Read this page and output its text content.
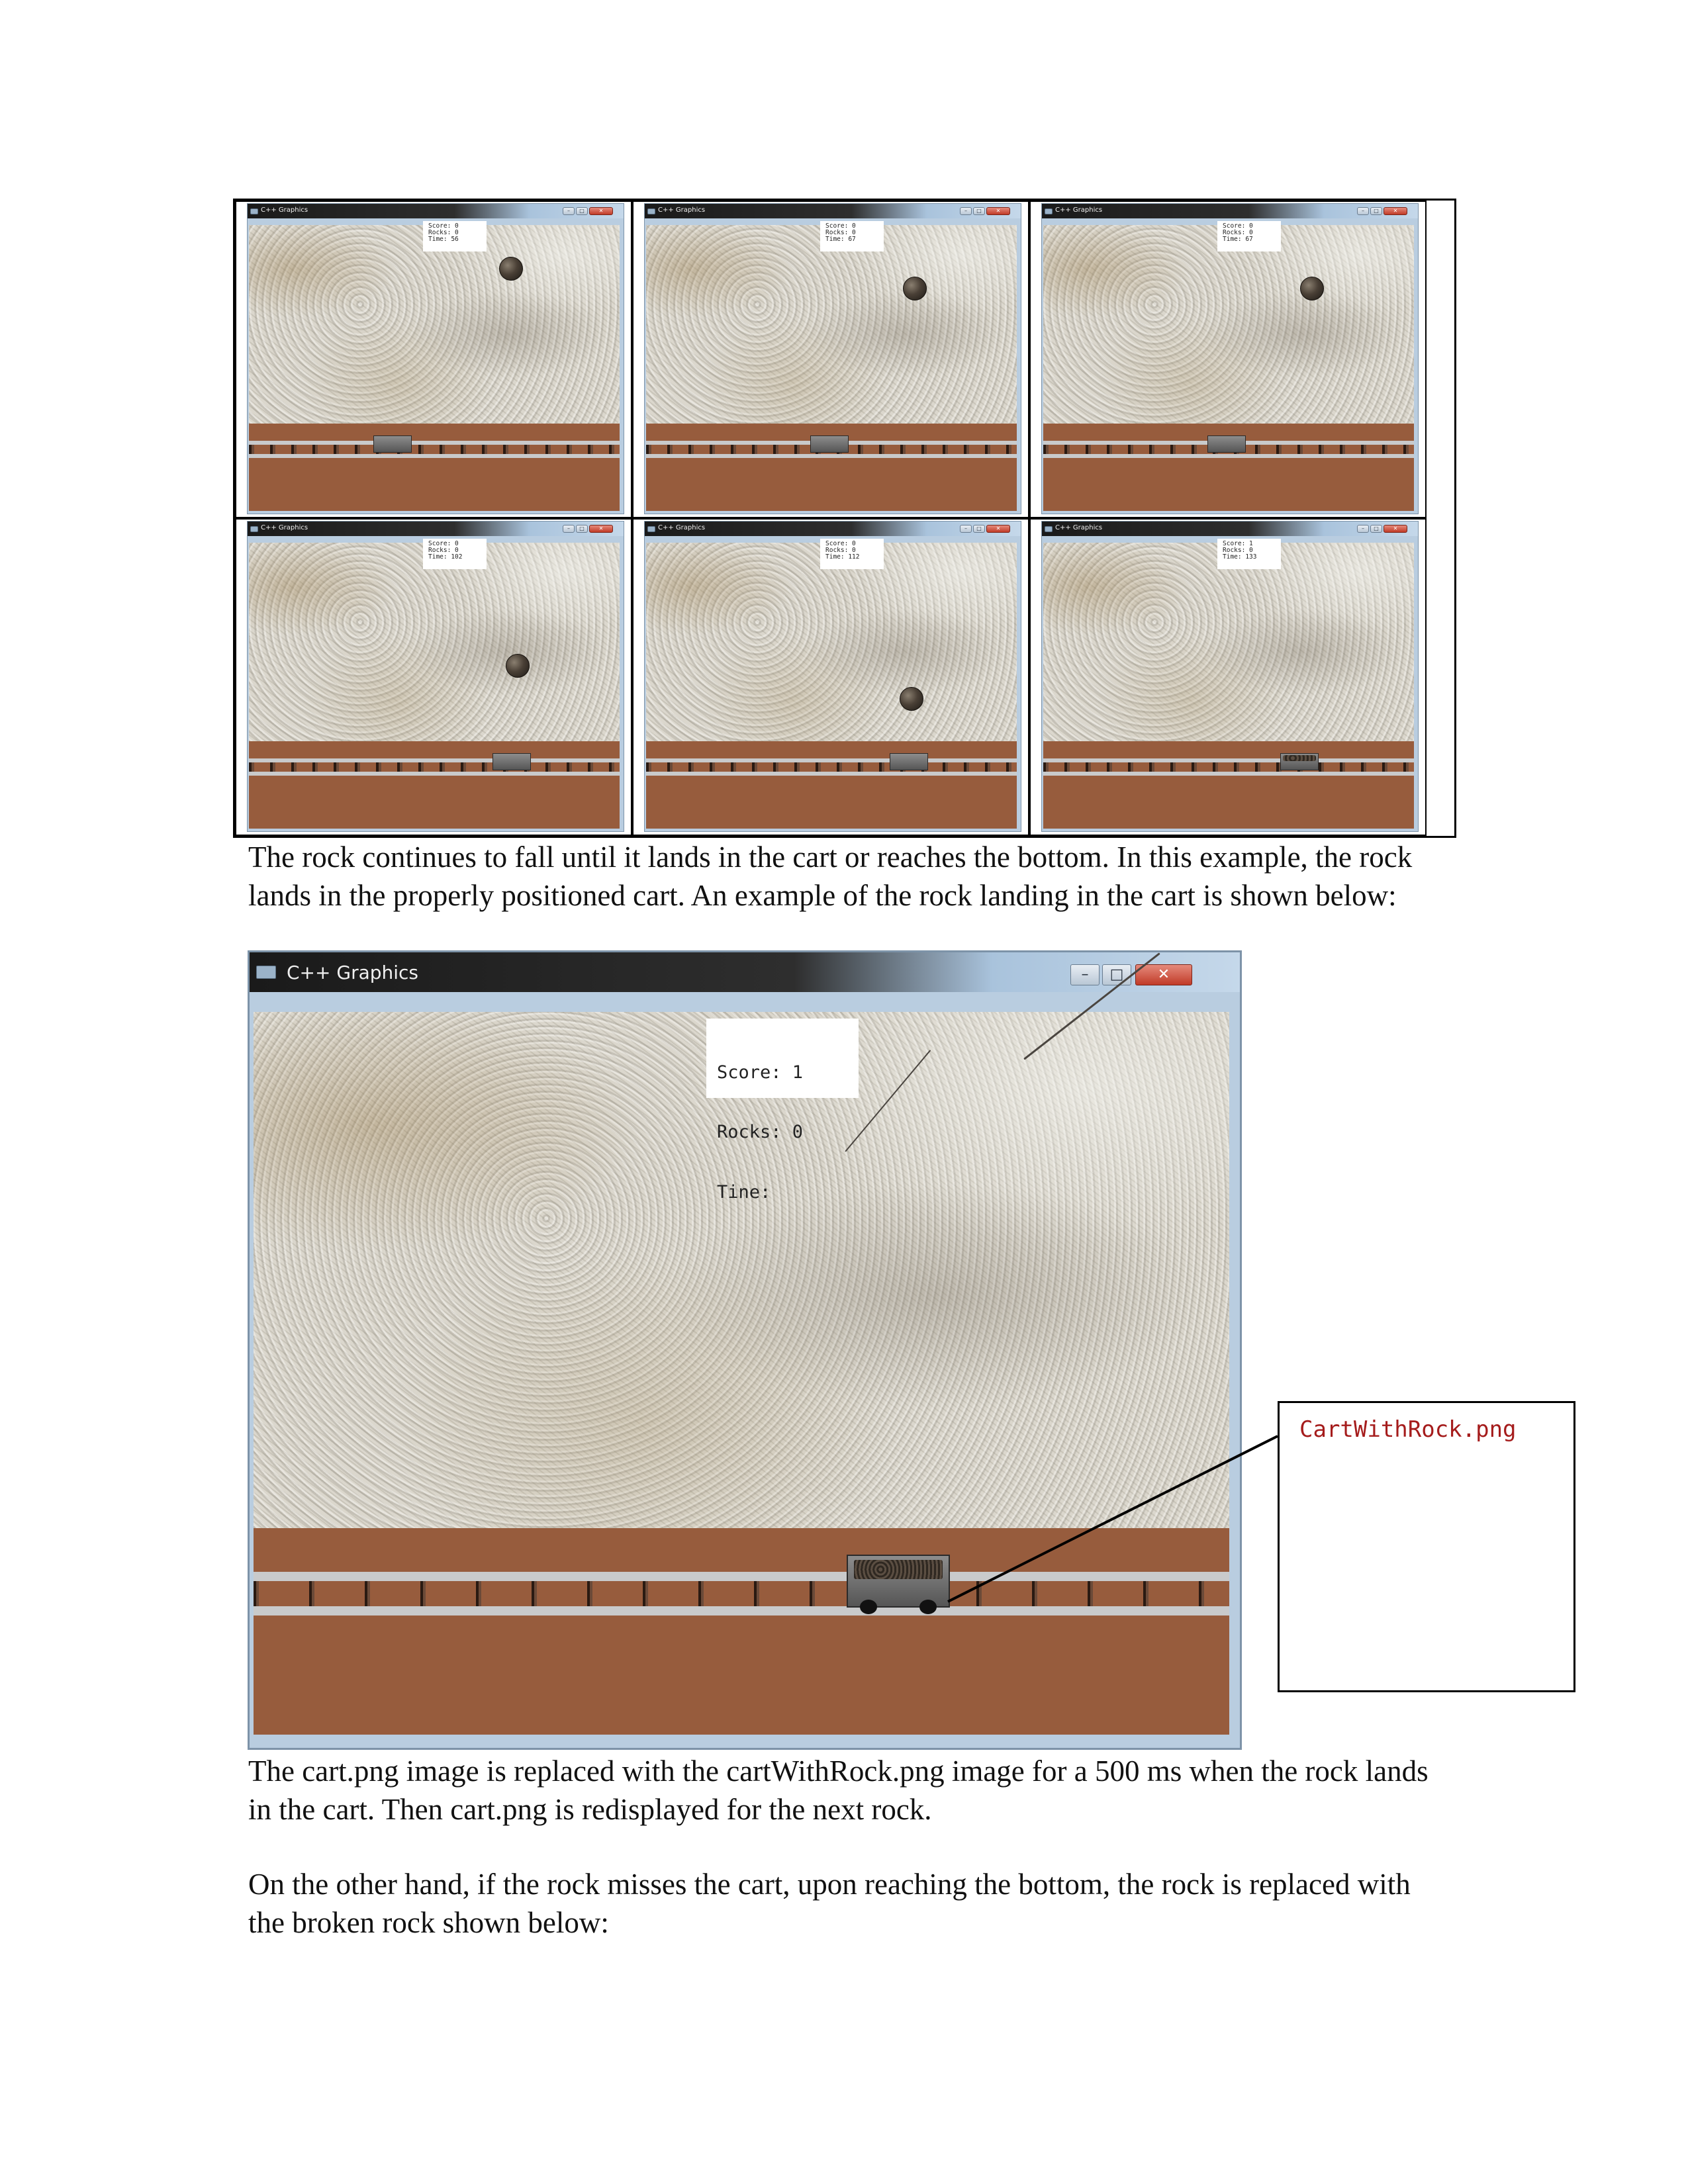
C++ Graphics	– □	✕
Score: 0
Rocks: 0
Time: 56
C++ Graphics	– □	✕
Score: 0
Rocks: 0
Time: 67
C++ Graphics	– □	✕
Score: 0
Rocks: 0
Time: 67
C++ Graphics	– □	✕
Score: 0
Rocks: 0
Time: 102
C++ Graphics	– □	✕
Score: 0
Rocks: 0
Time: 112
C++ Graphics	– □	✕
Score: 1
Rocks: 0
Time: 133
The rock continues to fall until it lands in the cart or reaches the bottom. In this example, the rock lands in the properly positioned cart. An example of the rock landing in the cart is shown below:
C++ Graphics	– □ ✕

Score: 1

Rocks: 0

Tine:

CartWithRock.png
The cart.png image is replaced with the cartWithRock.png image for a 500 ms when the rock lands in the cart. Then cart.png is redisplayed for the next rock.
On the other hand, if the rock misses the cart, upon reaching the bottom, the rock is replaced with the broken rock shown below:
